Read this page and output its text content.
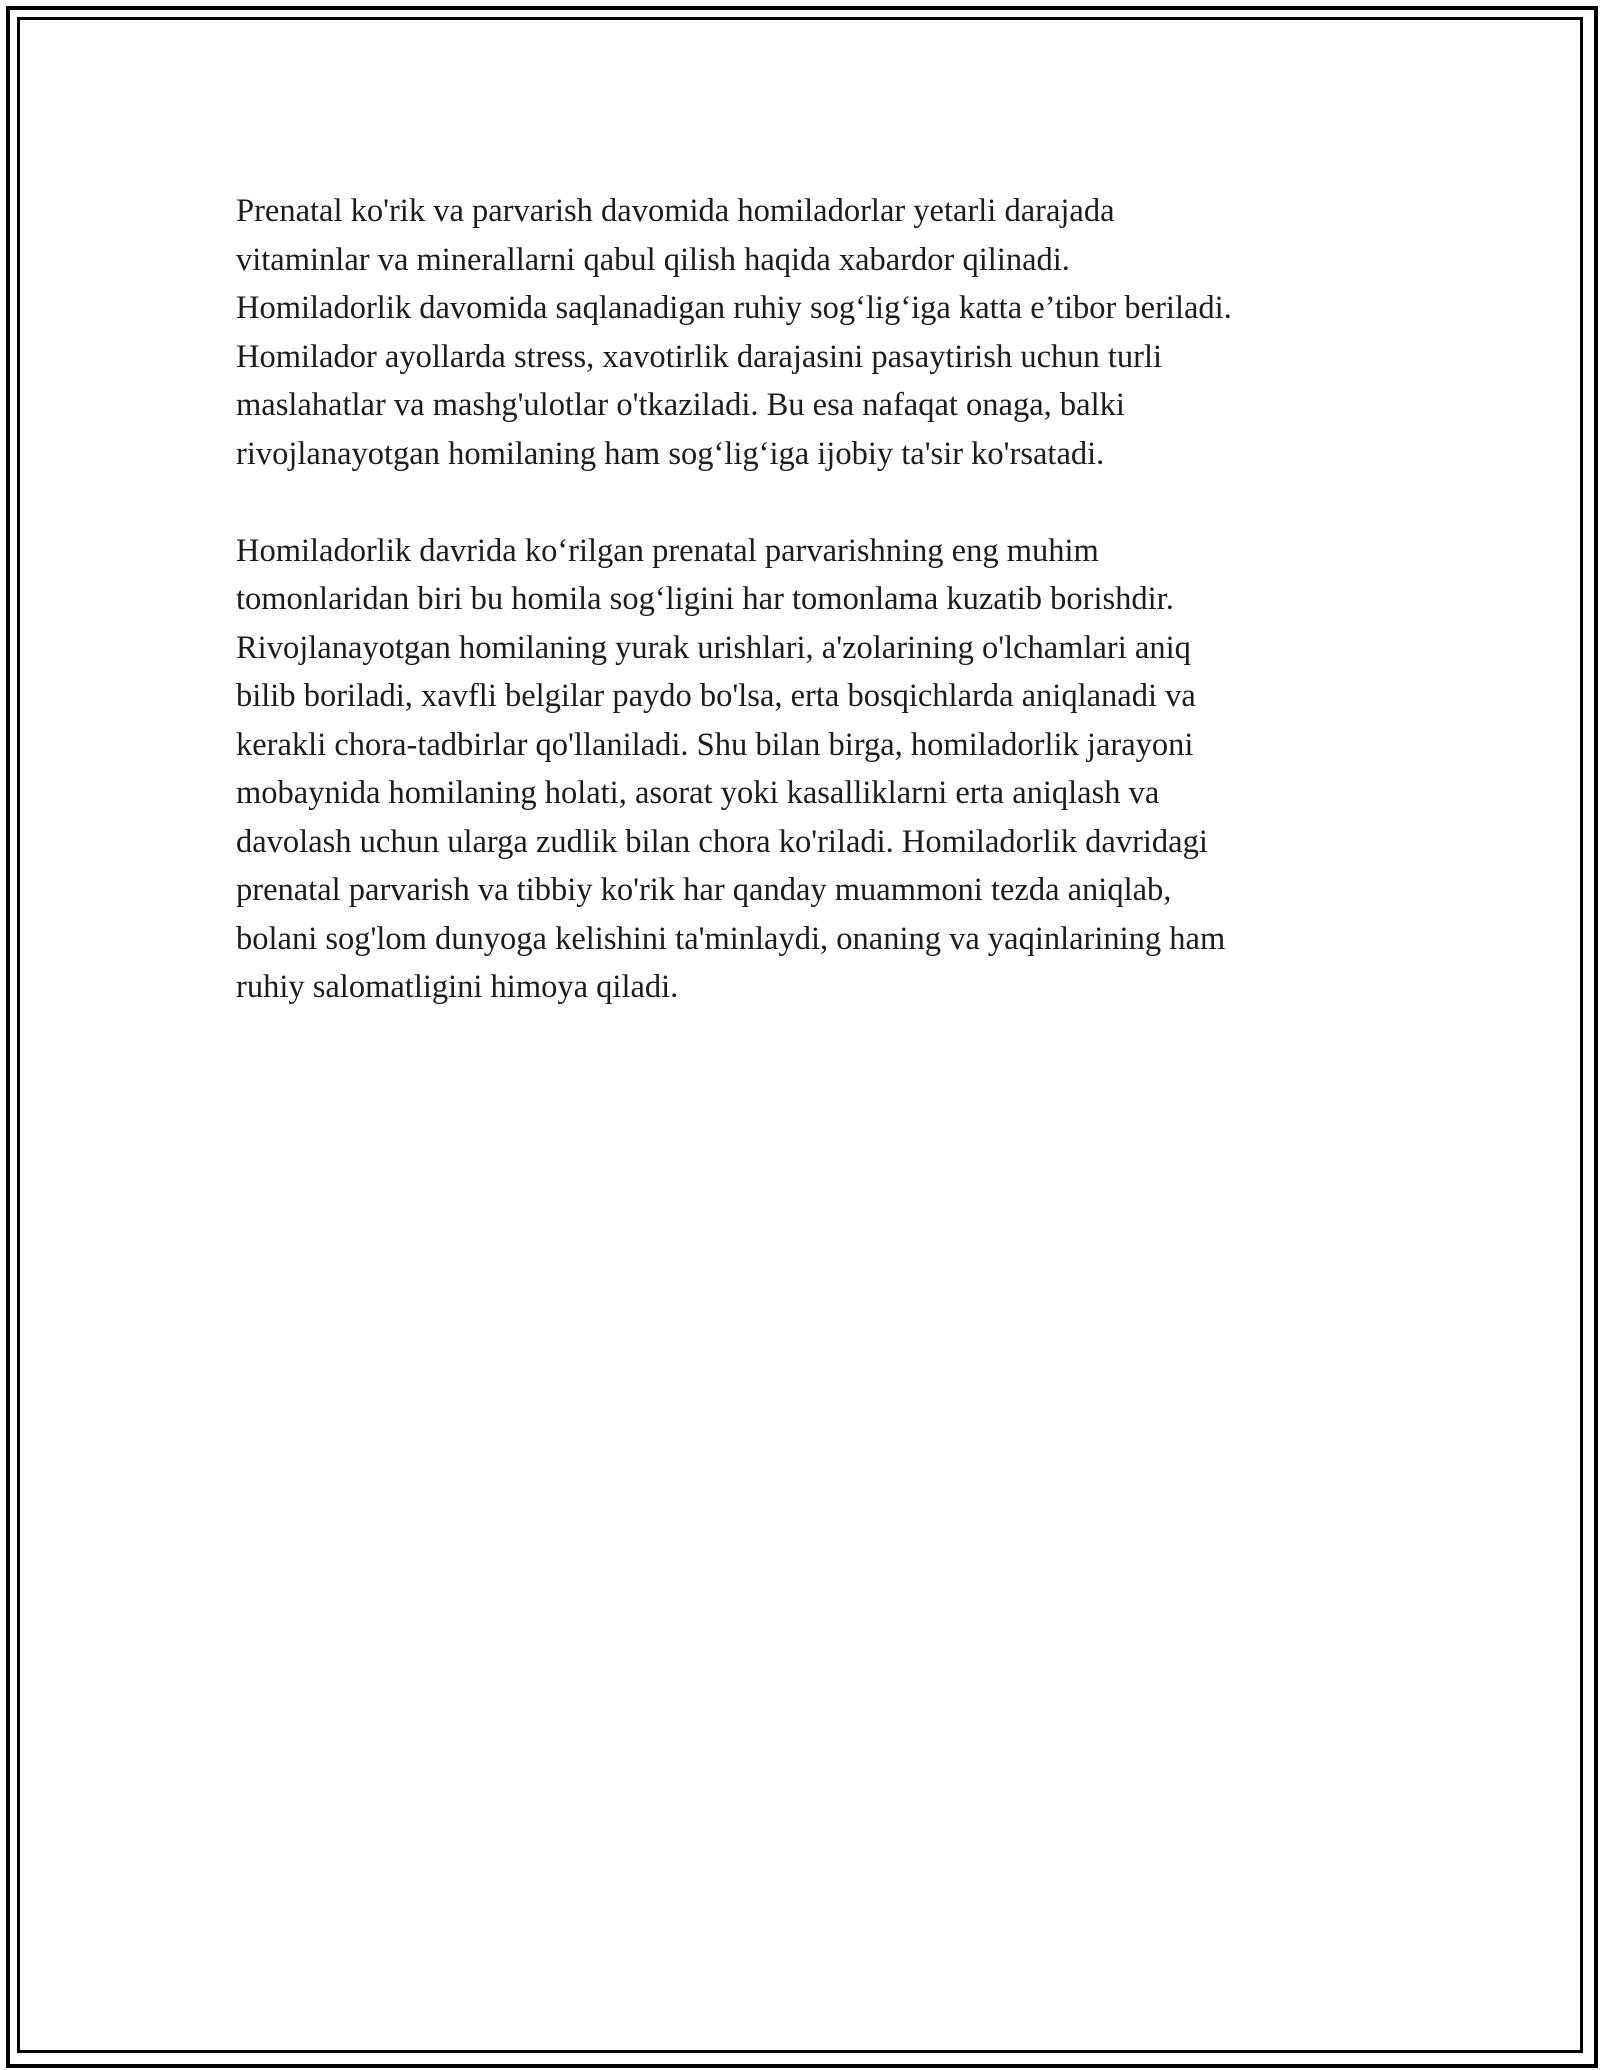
Prenatal ko'rik va parvarish davomida homiladorlar yetarli darajada
vitaminlar va minerallarni qabul qilish haqida xabardor qilinadi.
Homiladorlik davomida saqlanadigan ruhiy sog‘lig‘iga katta e’tibor beriladi.
Homilador ayollarda stress, xavotirlik darajasini pasaytirish uchun turli
maslahatlar va mashg'ulotlar o'tkaziladi. Bu esa nafaqat onaga, balki
rivojlanayotgan homilaning ham sog‘lig‘iga ijobiy ta'sir ko'rsatadi.

Homiladorlik davrida ko‘rilgan prenatal parvarishning eng muhim
tomonlaridan biri bu homila sog‘ligini har tomonlama kuzatib borishdir.
Rivojlanayotgan homilaning yurak urishlari, a'zolarining o'lchamlari aniq
bilib boriladi, xavfli belgilar paydo bo'lsa, erta bosqichlarda aniqlanadi va
kerakli chora-tadbirlar qo'llaniladi. Shu bilan birga, homiladorlik jarayoni
mobaynida homilaning holati, asorat yoki kasalliklarni erta aniqlash va
davolash uchun ularga zudlik bilan chora ko'riladi. Homiladorlik davridagi
prenatal parvarish va tibbiy ko'rik har qanday muammoni tezda aniqlab,
bolani sog'lom dunyoga kelishini ta'minlaydi, onaning va yaqinlarining ham
ruhiy salomatligini himoya qiladi.
